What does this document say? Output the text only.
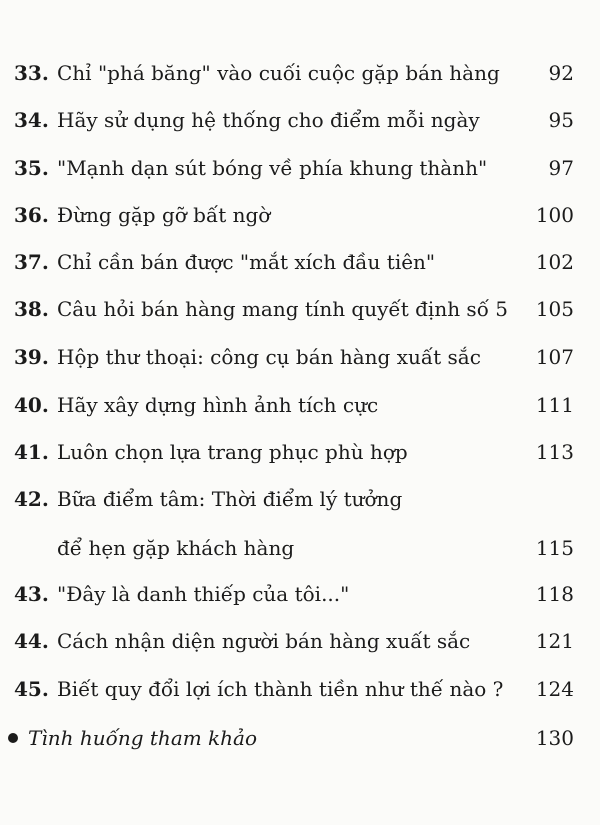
33. Chỉ "phá băng" vào cuối cuộc gặp bán hàng 92
34. Hãy sử dụng hệ thống cho điểm mỗi ngày	95
35. "Mạnh dạn sút bóng về phía khung thành"	97
36. Đừng gặp gỡ bất ngờ	100
37. Chỉ cần bán được "mắt xích đầu tiên"	102
38. Câu hỏi bán hàng mang tính quyết định số 5 105
39. Hộp thư thoại: công cụ bán hàng xuất sắc	107
40. Hãy xây dựng hình ảnh tích cực	111
41. Luôn chọn lựa trang phục phù hợp	113
42. Bữa điểm tâm: Thời điểm lý tưởng
để hẹn gặp khách hàng	115
43. "Đây là danh thiếp của tôi..."	118
44. Cách nhận diện người bán hàng xuất sắc	121
45. Biết quy đổi lợi ích thành tiền như thế nào ? 124
Tình huống tham khảo	130
